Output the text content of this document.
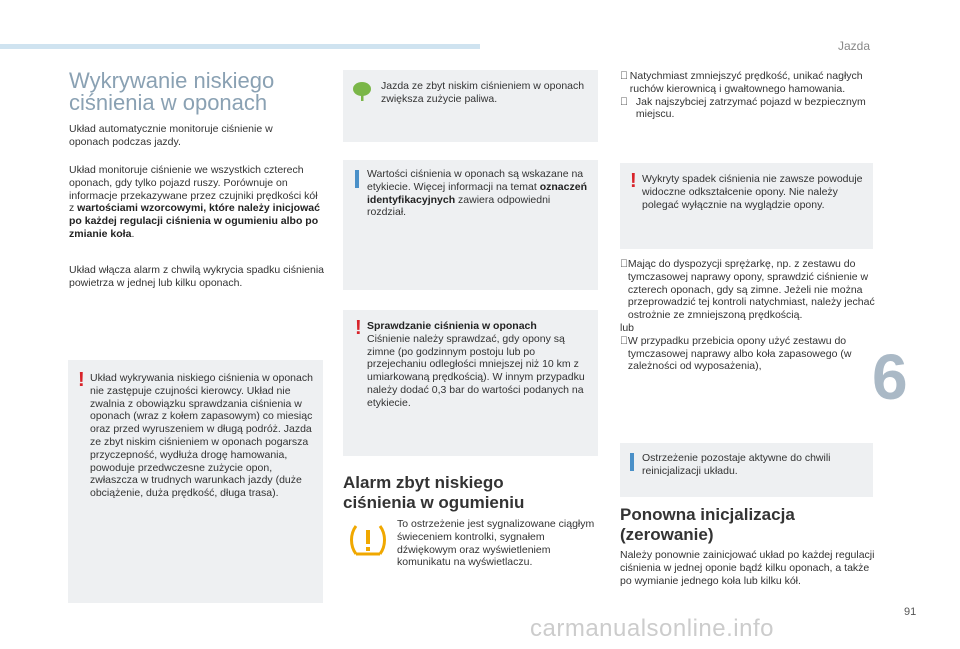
Jazda
6
91
Wykrywanie niskiego
ciśnienia w oponach

Układ automatycznie monitoruje ciśnienie w oponach podczas jazdy.

Układ monitoruje ciśnienie we wszystkich czterech oponach, gdy tylko pojazd ruszy. Porównuje on informacje przekazywane przez czujniki prędkości kół z wartościami wzorcowymi, które należy inicjować po każdej regulacji ciśnienia w ogumieniu albo po zmianie koła.

Układ włącza alarm z chwilą wykrycia spadku ciśnienia powietrza w jednej lub kilku oponach.

! Układ wykrywania niskiego ciśnienia w oponach nie zastępuje czujności kierowcy. Układ nie zwalnia z obowiązku sprawdzania ciśnienia w oponach (wraz z kołem zapasowym) co miesiąc oraz przed wyruszeniem w długą podróż. Jazda ze zbyt niskim ciśnieniem w oponach pogarsza przyczepność, wydłuża drogę hamowania, powoduje przedwczesne zużycie opon, zwłaszcza w trudnych warunkach jazdy (duże obciążenie, duża prędkość, długa trasa).

Jazda ze zbyt niskim ciśnieniem w oponach zwiększa zużycie paliwa.

Wartości ciśnienia w oponach są wskazane na etykiecie. Więcej informacji na temat oznaczeń identyfikacyjnych zawiera odpowiedni rozdział.

! Sprawdzanie ciśnienia w oponach
Ciśnienie należy sprawdzać, gdy opony są zimne (po godzinnym postoju lub po przejechaniu odległości mniejszej niż 10 km z umiarkowaną prędkością). W innym przypadku należy dodać 0,3 bar do wartości podanych na etykiecie.

Alarm zbyt niskiego
ciśnienia w ogumieniu

To ostrzeżenie jest sygnalizowane ciągłym świeceniem kontrolki, sygnałem dźwiękowym oraz wyświetleniem komunikatu na wyświetlaczu.

Natychmiast zmniejszyć prędkość, unikać nagłych ruchów kierownicą i gwałtownego hamowania.
Jak najszybciej zatrzymać pojazd w bezpiecznym miejscu.
! Wykryty spadek ciśnienia nie zawsze powoduje widoczne odkształcenie opony. Nie należy polegać wyłącznie na wyglądzie opony.

Mając do dyspozycji sprężarkę, np. z zestawu do tymczasowej naprawy opony, sprawdzić ciśnienie w czterech oponach, gdy są zimne. Jeżeli nie można przeprowadzić tej kontroli natychmiast, należy jechać ostrożnie ze zmniejszoną prędkością.
lub
W przypadku przebicia opony użyć zestawu do tymczasowej naprawy albo koła zapasowego (w zależności od wyposażenia),

Ostrzeżenie pozostaje aktywne do chwili reinicjalizacji układu.

Ponowna inicjalizacja
(zerowanie)

Należy ponownie zainicjować układ po każdej regulacji ciśnienia w jednej oponie bądź kilku oponach, a także po wymianie jednego koła lub kilku kół.

carmanualsonline.info
